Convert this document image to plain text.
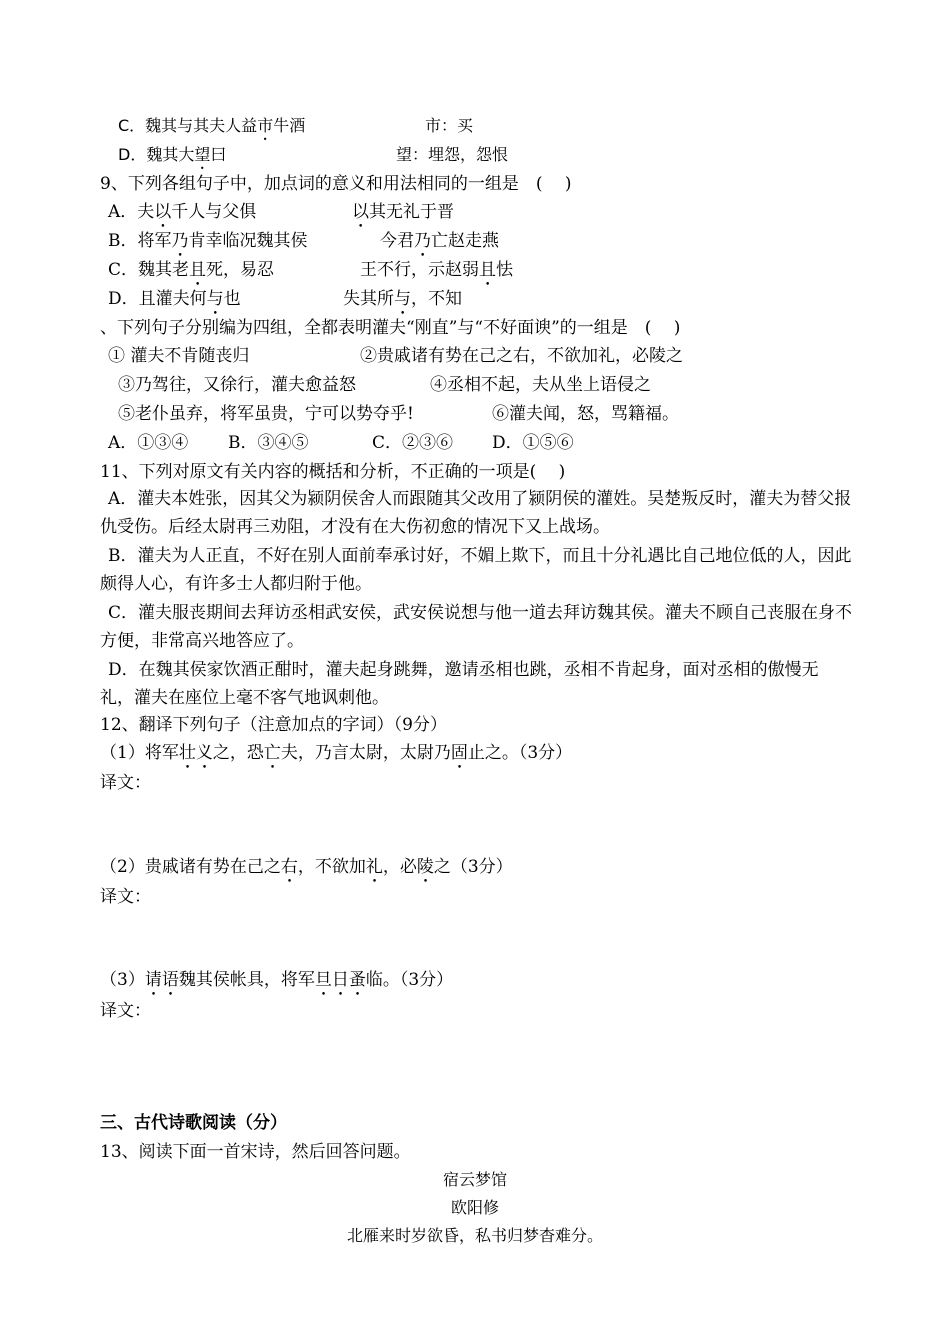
C．魏其与其夫人益市牛酒	市：买
D．魏其大望曰	望：埋怨，怨恨
9、下列各组句子中，加点词的意义和用法相同的一组是　(　 )
A．夫以千人与父俱	以其无礼于晋
B．将军乃肯幸临况魏其侯	今君乃亡赵走燕
C．魏其老且死，易忍	王不行，示赵弱且怯
D．且灌夫何与也	失其所与，不知
、下列句子分别编为四组，全都表明灌夫“刚直”与“不好面谀”的一组是　(　 )
① 灌夫不肯随丧归	②贵戚诸有势在己之右，不欲加礼，必陵之
③乃驾往，又徐行，灌夫愈益怒	④丞相不起，夫从坐上语侵之
⑤老仆虽弃，将军虽贵，宁可以势夺乎!	⑥灌夫闻，怒，骂籍福。
A．①③④ B．③④⑤	C．②③⑥ D．①⑤⑥
11、下列对原文有关内容的概括和分析，不正确的一项是(　 )
A．灌夫本姓张，因其父为颍阴侯舍人而跟随其父改用了颍阴侯的灌姓。吴楚叛反时，灌夫为替父报仇受伤。后经太尉再三劝阻，才没有在大伤初愈的情况下又上战场。
B．灌夫为人正直，不好在别人面前奉承讨好，不媚上欺下，而且十分礼遇比自己地位低的人，因此颇得人心，有许多士人都归附于他。
C．灌夫服丧期间去拜访丞相武安侯，武安侯说想与他一道去拜访魏其侯。灌夫不顾自己丧服在身不方便，非常高兴地答应了。
D．在魏其侯家饮酒正酣时，灌夫起身跳舞，邀请丞相也跳，丞相不肯起身，面对丞相的傲慢无礼，灌夫在座位上毫不客气地讽刺他。
12、翻译下列句子（注意加点的字词）（9分）
（1）将军壮义之，恐亡夫，乃言太尉，太尉乃固止之。（3分）
译文：
（2）贵戚诸有势在己之右，不欲加礼，必陵之（3分）
译文：
（3）请语魏其侯帐具，将军旦日蚤临。（3分）
译文：
三、古代诗歌阅读（分）
13、阅读下面一首宋诗，然后回答问题。
宿云梦馆
欧阳修
北雁来时岁欲昏，私书归梦杳难分。
